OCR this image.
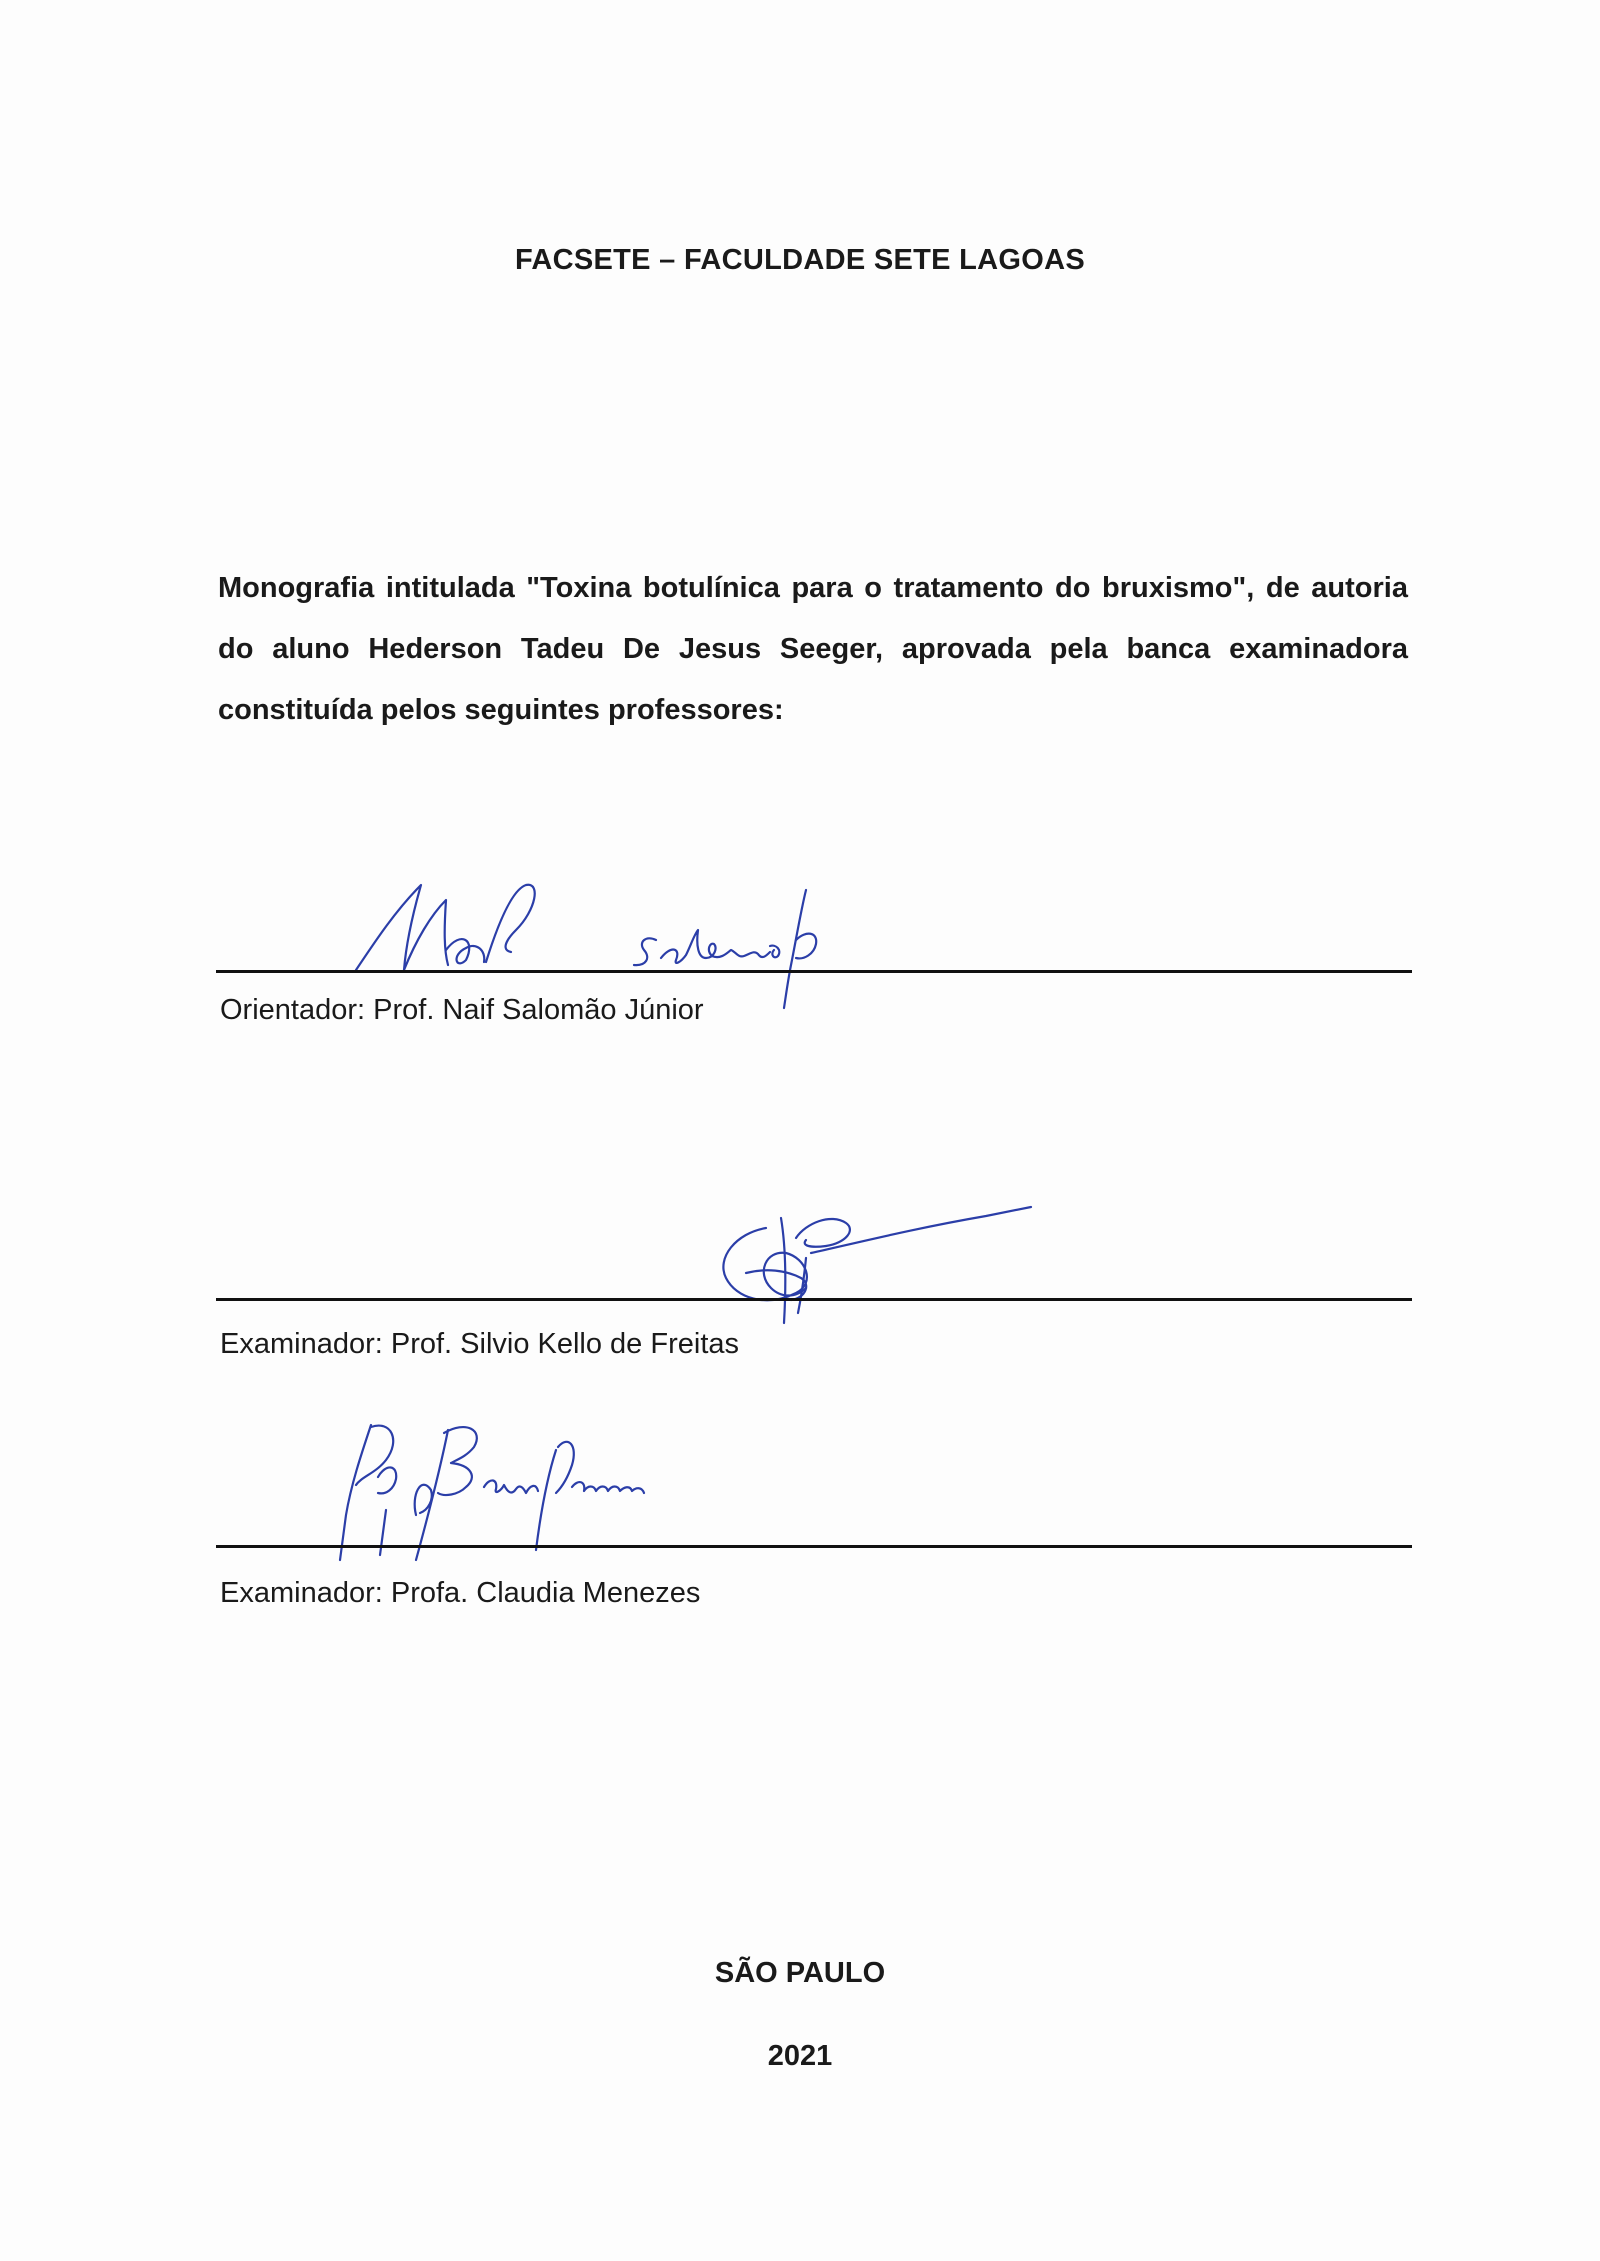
FACSETE – FACULDADE SETE LAGOAS

Monografia intitulada "Toxina botulínica para o tratamento do bruxismo", de autoria do aluno Hederson Tadeu De Jesus Seeger, aprovada pela banca examinadora constituída pelos seguintes professores:

Orientador: Prof. Naif Salomão Júnior
Examinador: Prof. Silvio Kello de Freitas
Examinador: Profa. Claudia Menezes
SÃO PAULO
2021
